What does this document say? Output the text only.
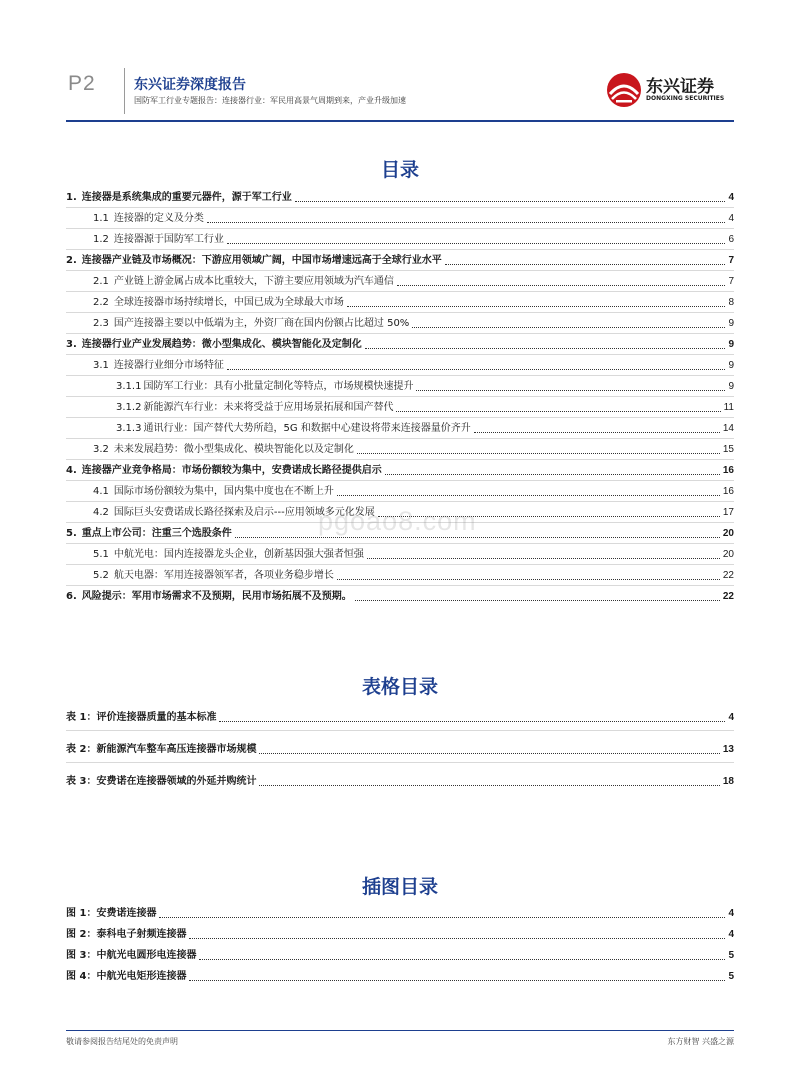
P2	东兴证券深度报告
国防军工行业专题报告：连接器行业：军民用高景气周期到来，产业升级加速
东兴证券
DONGXING SECURITIES
目录
1. 连接器是系统集成的重要元器件，源于军工行业	4
1.1 连接器的定义及分类	4
1.2 连接器源于国防军工行业	6
2. 连接器产业链及市场概况：下游应用领域广阔，中国市场增速远高于全球行业水平	7
2.1 产业链上游金属占成本比重较大，下游主要应用领域为汽车通信	7
2.2 全球连接器市场持续增长，中国已成为全球最大市场	8
2.3 国产连接器主要以中低端为主，外资厂商在国内份额占比超过 50%	9
3. 连接器行业产业发展趋势：微小型集成化、模块智能化及定制化	9
3.1 连接器行业细分市场特征	9
3.1.1 国防军工行业：具有小批量定制化等特点，市场规模快速提升	9
3.1.2 新能源汽车行业：未来将受益于应用场景拓展和国产替代	11
3.1.3 通讯行业：国产替代大势所趋，5G 和数据中心建设将带来连接器量价齐升	14
3.2 未来发展趋势：微小型集成化、模块智能化以及定制化	15
4. 连接器产业竞争格局：市场份额较为集中，安费诺成长路径提供启示	16
4.1 国际市场份额较为集中，国内集中度也在不断上升	16
4.2 国际巨头安费诺成长路径探索及启示---应用领域多元化发展	17
5. 重点上市公司：注重三个选股条件	20
5.1 中航光电：国内连接器龙头企业，创新基因强大强者恒强	20
5.2 航天电器：军用连接器领军者，各项业务稳步增长	22
6. 风险提示：军用市场需求不及预期，民用市场拓展不及预期。	22
pgoao8.com
表格目录
表 1：评价连接器质量的基本标准	4
表 2：新能源汽车整车高压连接器市场规模	13
表 3：安费诺在连接器领域的外延并购统计	18
插图目录
图 1：安费诺连接器	4
图 2：泰科电子射频连接器	4
图 3：中航光电圆形电连接器	5
图 4：中航光电矩形连接器	5
敬请参阅报告结尾处的免责声明	东方财智 兴盛之源
